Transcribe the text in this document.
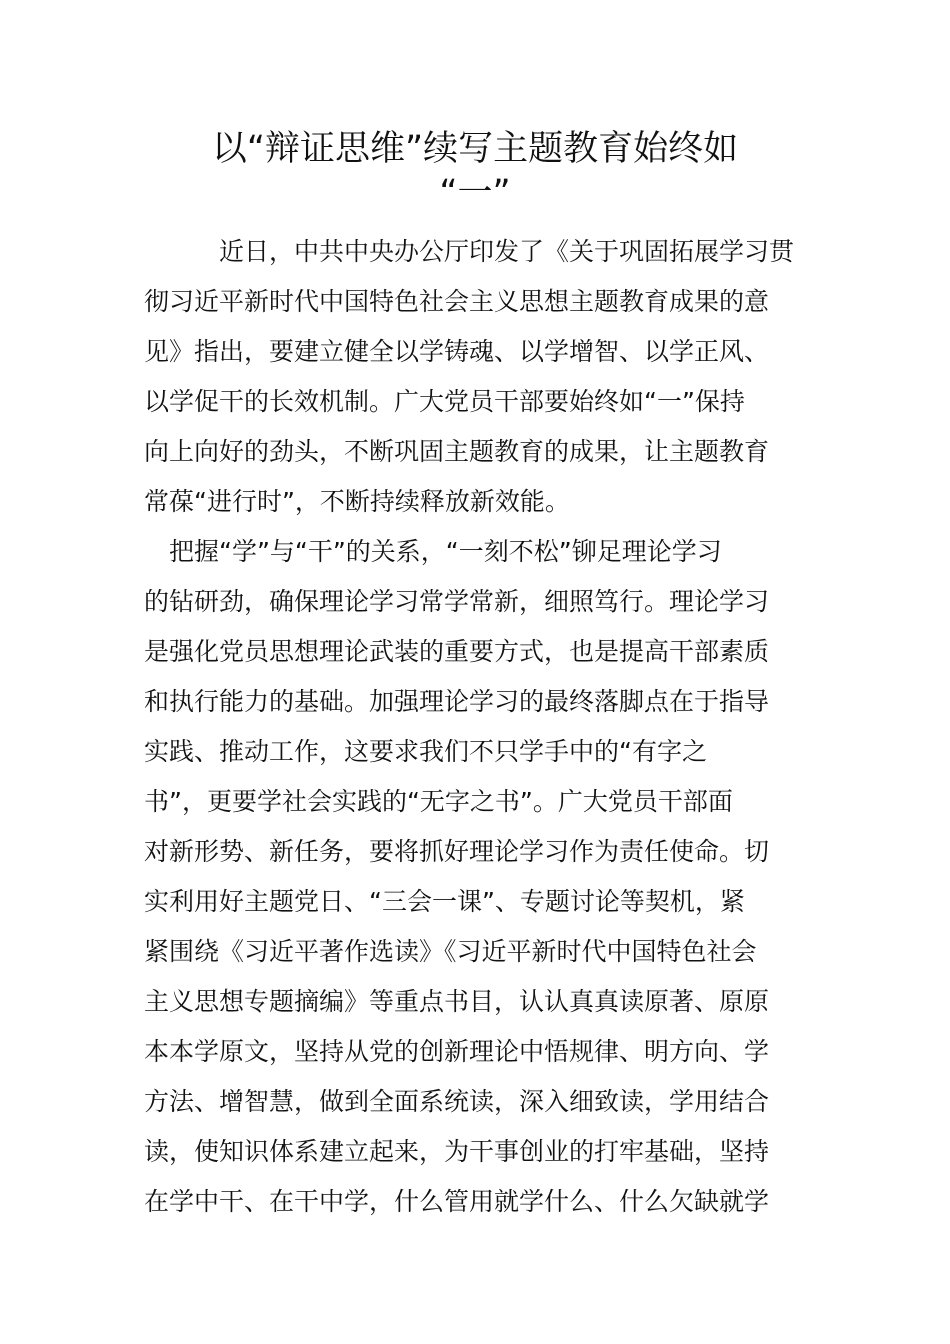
以“辩证思维”续写主题教育始终如
“一”
近日，中共中央办公厅印发了《关于巩固拓展学习贯
彻习近平新时代中国特色社会主义思想主题教育成果的意
见》指出，要建立健全以学铸魂、以学增智、以学正风、
以学促干的长效机制。广大党员干部要始终如“一”保持
向上向好的劲头，不断巩固主题教育的成果，让主题教育
常葆“进行时”，不断持续释放新效能。
把握“学”与“干”的关系，“一刻不松”铆足理论学习
的钻研劲，确保理论学习常学常新，细照笃行。理论学习
是强化党员思想理论武装的重要方式，也是提高干部素质
和执行能力的基础。加强理论学习的最终落脚点在于指导
实践、推动工作，这要求我们不只学手中的“有字之
书”，更要学社会实践的“无字之书”。广大党员干部面
对新形势、新任务，要将抓好理论学习作为责任使命。切
实利用好主题党日、“三会一课”、专题讨论等契机，紧
紧围绕《习近平著作选读》《习近平新时代中国特色社会
主义思想专题摘编》等重点书目，认认真真读原著、原原
本本学原文，坚持从党的创新理论中悟规律、明方向、学
方法、增智慧，做到全面系统读，深入细致读，学用结合
读，使知识体系建立起来，为干事创业的打牢基础，坚持
在学中干、在干中学，什么管用就学什么、什么欠缺就学
